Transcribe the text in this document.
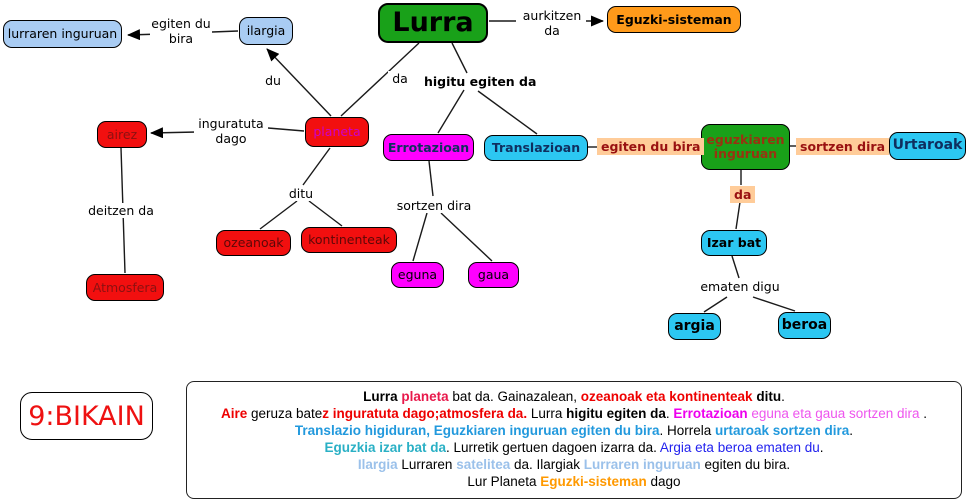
lurraren inguruan	ilargia	Lurra	Eguzki-sisteman
airez	planeta
Atmosfera
ozeanoak	kontinenteak
Errotazioan	Translazioan
eguna	gaua
eguzkiaren inguruan
Urtaroak
Izar bat
argia	beroa
egiten du bira
aurkitzen da
du	da	higitu egiten da
inguratuta dago
deitzen da
ditu
sortzen dira
ematen digu
egiten du bira	sortzen dira
da
9:BIKAIN
Lurra planeta bat da. Gainazalean, ozeanoak eta kontinenteak ditu.
Aire geruza batez inguratuta dago;atmosfera da. Lurra higitu egiten da. Errotazioan eguna eta gaua sortzen dira .
Translazio higiduran, Eguzkiaren inguruan egiten du bira. Horrela urtaroak sortzen dira.
Eguzkia izar bat da. Lurretik gertuen dagoen izarra da. Argia eta beroa ematen du.
Ilargia Lurraren satelitea da. Ilargiak Lurraren inguruan egiten du bira.
Lur Planeta Eguzki-sisteman dago
